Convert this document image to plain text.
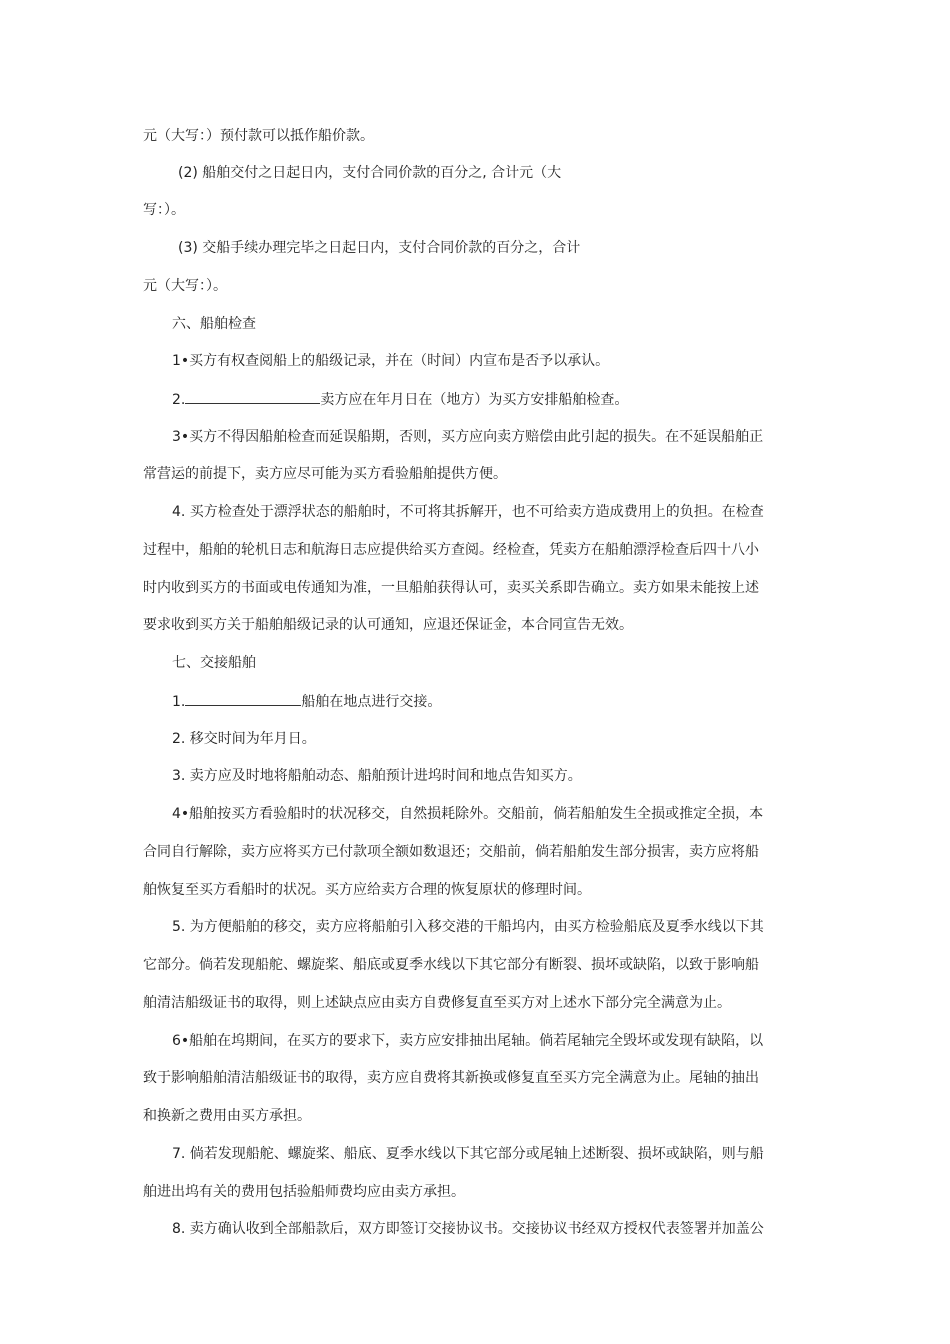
元（大写：）预付款可以抵作船价款。
(2) 船舶交付之日起日内，支付合同价款的百分之, 合计元（大
写：）。
(3) 交船手续办理完毕之日起日内，支付合同价款的百分之，合计
元（大写：）。
六、船舶检查
1•买方有权查阅船上的船级记录，并在（时间）内宣布是否予以承认。
2.	卖方应在年月日在（地方）为买方安排船舶检查。
3•买方不得因船舶检查而延误船期，否则，买方应向卖方赔偿由此引起的损失。在不延误船舶正
常营运的前提下，卖方应尽可能为买方看验船舶提供方便。
4. 买方检查处于漂浮状态的船舶时，不可将其拆解开，也不可给卖方造成费用上的负担。在检查
过程中，船舶的轮机日志和航海日志应提供给买方查阅。经检查，凭卖方在船舶漂浮检查后四十八小
时内收到买方的书面或电传通知为准，一旦船舶获得认可，卖买关系即告确立。卖方如果未能按上述
要求收到买方关于船舶船级记录的认可通知，应退还保证金，本合同宣告无效。
七、交接船舶
1.	船舶在地点进行交接。
2. 移交时间为年月日。
3. 卖方应及时地将船舶动态、船舶预计进坞时间和地点告知买方。
4•船舶按买方看验船时的状况移交，自然损耗除外。交船前，倘若船舶发生全损或推定全损，本
合同自行解除，卖方应将买方已付款项全额如数退还；交船前，倘若船舶发生部分损害，卖方应将船
舶恢复至买方看船时的状况。买方应给卖方合理的恢复原状的修理时间。
5. 为方便船舶的移交，卖方应将船舶引入移交港的干船坞内，由买方检验船底及夏季水线以下其
它部分。倘若发现船舵、螺旋桨、船底或夏季水线以下其它部分有断裂、损坏或缺陷，以致于影响船
舶清洁船级证书的取得，则上述缺点应由卖方自费修复直至买方对上述水下部分完全满意为止。
6•船舶在坞期间，在买方的要求下，卖方应安排抽出尾轴。倘若尾轴完全毁坏或发现有缺陷，以
致于影响船舶清洁船级证书的取得，卖方应自费将其新换或修复直至买方完全满意为止。尾轴的抽出
和换新之费用由买方承担。
7. 倘若发现船舵、螺旋桨、船底、夏季水线以下其它部分或尾轴上述断裂、损坏或缺陷，则与船
舶进出坞有关的费用包括验船师费均应由卖方承担。
8. 卖方确认收到全部船款后，双方即签订交接协议书。交接协议书经双方授权代表签署并加盖公
